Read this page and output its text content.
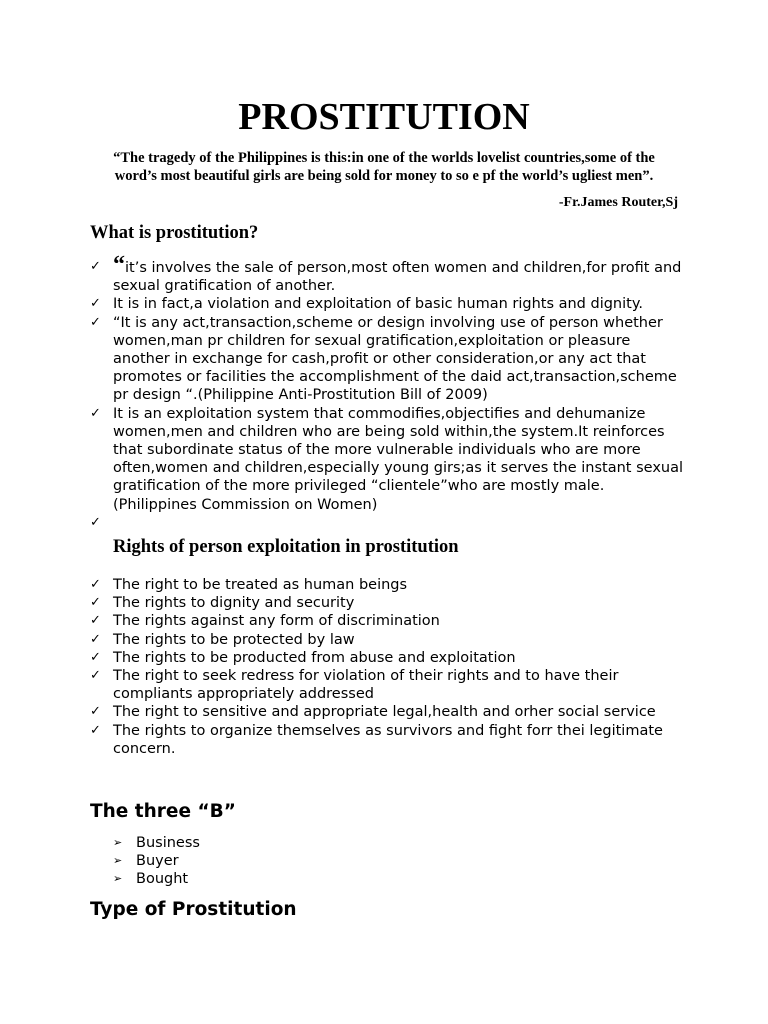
PROSTITUTION

“The tragedy of the Philippines is this:in one of the worlds lovelist countries,some of the word’s most beautiful girls are being sold for money to so e pf the world’s ugliest men”.

-Fr.James Router,Sj

What is prostitution?
✓ “it’s involves the sale of person,most often women and children,for profit and sexual gratification of another.
✓ It is in fact,a violation and exploitation of basic human rights and dignity.
✓ “It is any act,transaction,scheme or design involving use of person whether women,man pr children for sexual gratification,exploitation or pleasure another in exchange for cash,profit or other consideration,or any act that promotes or facilities the accomplishment of the daid act,transaction,scheme pr design “.(Philippine Anti-Prostitution Bill of 2009)
✓ It is an exploitation system that commodifies,objectifies and dehumanize women,men and children who are being sold within,the system.It reinforces that subordinate status of the more vulnerable individuals who are more often,women and children,especially young girs;as it serves the instant sexual gratification of the more privileged “clientele”who are mostly male.(Philippines Commission on Women)
✓

Rights of person exploitation in prostitution
✓ The right to be treated as human beings
✓ The rights to dignity and security
✓ The rights against any form of discrimination
✓ The rights to be protected by law
✓ The rights to be producted from abuse and exploitation
✓ The right to seek redress for violation of their rights and to have their compliants appropriately addressed
✓ The right to sensitive and appropriate legal,health and orher social service
✓ The rights to organize themselves as survivors and fight forr thei legitimate concern.
The three “B”
➢ Business
➢ Buyer
➢ Bought
Type of Prostitution
